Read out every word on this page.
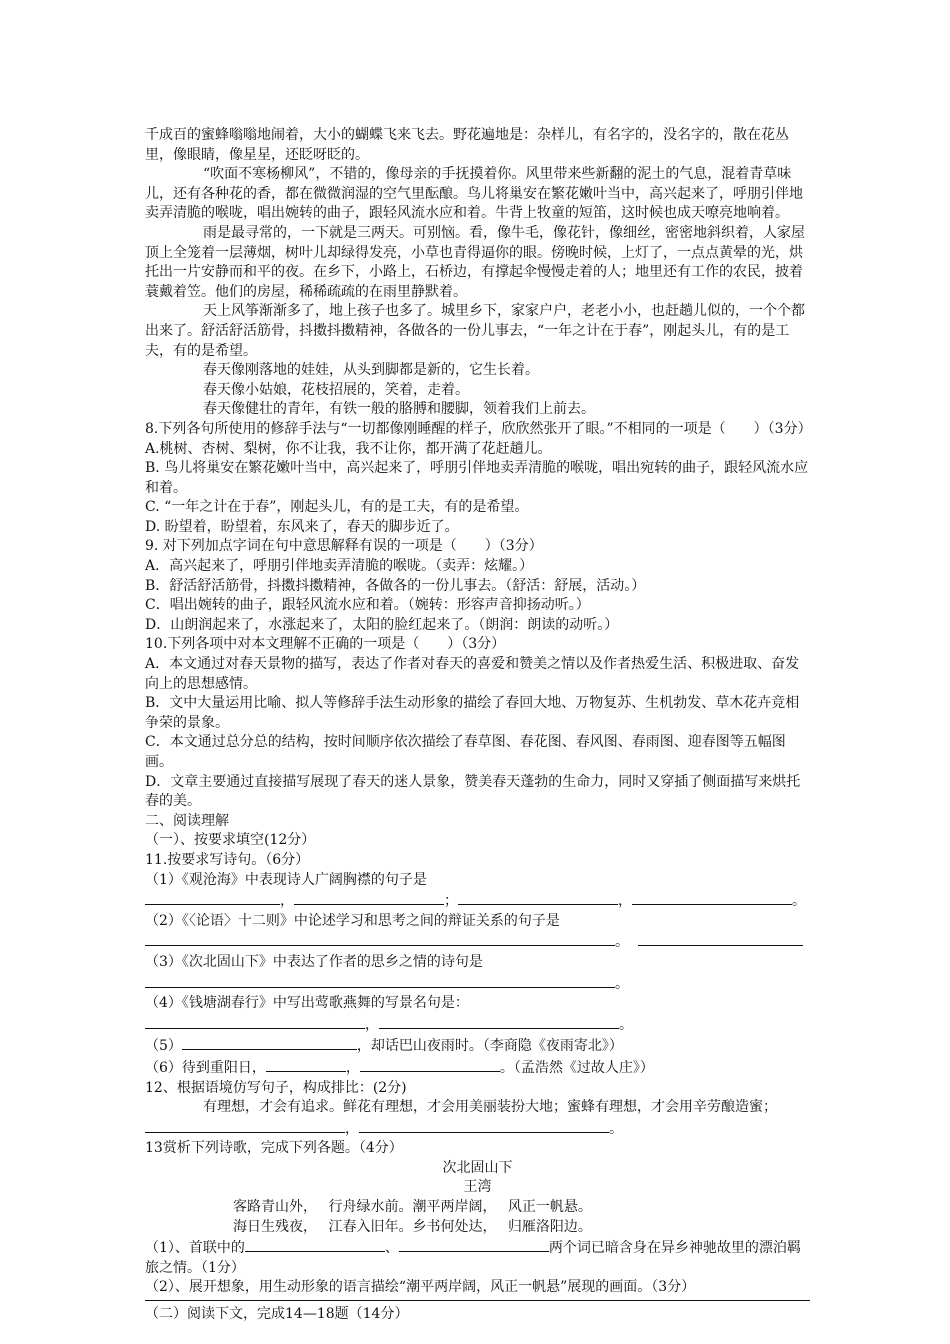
千成百的蜜蜂嗡嗡地闹着，大小的蝴蝶飞来飞去。野花遍地是：杂样儿，有名字的，没名字的，散在花丛里，像眼睛，像星星，还眨呀眨的。

“吹面不寒杨柳风”，不错的，像母亲的手抚摸着你。风里带来些新翻的泥土的气息，混着青草味儿，还有各种花的香，都在微微润湿的空气里酝酿。鸟儿将巢安在繁花嫩叶当中，高兴起来了，呼朋引伴地卖弄清脆的喉咙，唱出婉转的曲子，跟轻风流水应和着。牛背上牧童的短笛，这时候也成天嘹亮地响着。

雨是最寻常的，一下就是三两天。可别恼。看，像牛毛，像花针，像细丝，密密地斜织着，人家屋顶上全笼着一层薄烟，树叶儿却绿得发亮，小草也青得逼你的眼。傍晚时候，上灯了，一点点黄晕的光，烘托出一片安静而和平的夜。在乡下，小路上，石桥边，有撑起伞慢慢走着的人；地里还有工作的农民，披着蓑戴着笠。他们的房屋，稀稀疏疏的在雨里静默着。

天上风筝渐渐多了，地上孩子也多了。城里乡下，家家户户，老老小小，也赶趟儿似的，一个个都出来了。舒活舒活筋骨，抖擞抖擞精神，各做各的一份儿事去，“一年之计在于春”，刚起头儿，有的是工夫，有的是希望。

春天像刚落地的娃娃，从头到脚都是新的，它生长着。

春天像小姑娘，花枝招展的，笑着，走着。

春天像健壮的青年，有铁一般的胳膊和腰脚，领着我们上前去。

8.下列各句所使用的修辞手法与“一切都像刚睡醒的样子，欣欣然张开了眼。”不相同的一项是（　　）（3分）

A.桃树、杏树、梨树，你不让我，我不让你，都开满了花赶趟儿。

B. 鸟儿将巢安在繁花嫩叶当中，高兴起来了，呼朋引伴地卖弄清脆的喉咙，唱出宛转的曲子，跟轻风流水应和着。

C. “一年之计在于春”，刚起头儿，有的是工夫，有的是希望。

D. 盼望着，盼望着，东风来了，春天的脚步近了。

9. 对下列加点字词在句中意思解释有误的一项是（　　）（3分）

A．高兴起来了，呼朋引伴地卖弄清脆的喉咙。（卖弄：炫耀。）

B．舒活舒活筋骨，抖擞抖擞精神，各做各的一份儿事去。（舒活：舒展，活动。）

C．唱出婉转的曲子，跟轻风流水应和着。（婉转：形容声音抑扬动听。）

D．山朗润起来了，水涨起来了，太阳的脸红起来了。（朗润：朗读的动听。）

10.下列各项中对本文理解不正确的一项是（　　）（3分）

A．本文通过对春天景物的描写，表达了作者对春天的喜爱和赞美之情以及作者热爱生活、积极进取、奋发向上的思想感情。

B．文中大量运用比喻、拟人等修辞手法生动形象的描绘了春回大地、万物复苏、生机勃发、草木花卉竞相争荣的景象。

C．本文通过总分总的结构，按时间顺序依次描绘了春草图、春花图、春风图、春雨图、迎春图等五幅图画。

D．文章主要通过直接描写展现了春天的迷人景象，赞美春天蓬勃的生命力，同时又穿插了侧面描写来烘托春的美。

二、阅读理解

（一）、按要求填空(12分）

11.按要求写诗句。（6分）

（1）《观沧海》中表现诗人广阔胸襟的句子是

，	；	，	。

（2）《〈论语〉十二则》中论述学习和思考之间的辩证关系的句子是

。

（3）《次北固山下》中表达了作者的思乡之情的诗句是

。

（4）《钱塘湖春行》中写出莺歌燕舞的写景名句是：

，	。

（5）	，却话巴山夜雨时。（李商隐《夜雨寄北》）

（6）待到重阳日，	，	。（孟浩然《过故人庄》）

12、根据语境仿写句子，构成排比：(2分)

有理想，才会有追求。鲜花有理想，才会用美丽装扮大地；蜜蜂有理想，才会用辛劳酿造蜜；，	。

13赏析下列诗歌，完成下列各题。（4分）

次北固山下

王湾

客路青山外，　 行舟绿水前。潮平两岸阔，　 风正一帆悬。

海日生残夜，　 江春入旧年。乡书何处达，　 归雁洛阳边。

（1）、首联中的	、	两个词已暗含身在异乡神驰故里的漂泊羁旅之情。（1分）

（2）、展开想象，用生动形象的语言描绘“潮平两岸阔，风正一帆悬”展现的画面。（3分）

（二）阅读下文，完成14—18题（14分）
